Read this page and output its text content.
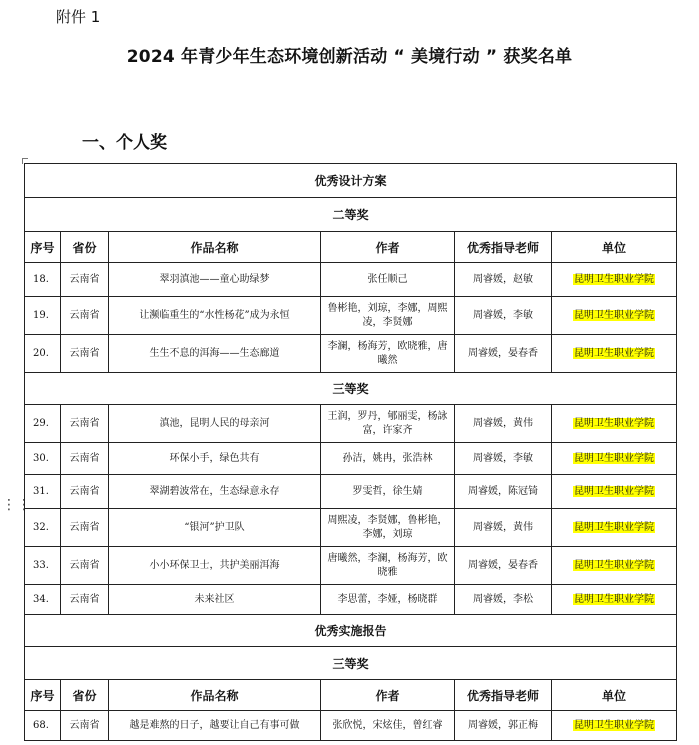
附件 1
2024 年青少年生态环境创新活动 “ 美境行动 ” 获奖名单
一、个人奖
⋮⋮
优秀设计方案					
二等奖					
序号	省份	作品名称	作者	优秀指导老师	单位
18.	云南省	翠羽滇池——童心助绿梦	张任顺己	周睿媛，赵敏	昆明卫生职业学院
19.	云南省	让濒临重生的“水性杨花”成为永恒	鲁彬艳，刘琼，李娜，周熙凌，李贤娜	周睿媛，李敏	昆明卫生职业学院
20.	云南省	生生不息的洱海——生态廊道	李澜，杨海芳，欧晓雅，唐曦然	周睿媛，晏春香	昆明卫生职业学院
三等奖					
29.	云南省	滇池，昆明人民的母亲河	王润，罗丹，郇丽雯，杨詠富，许家齐	周睿媛，黄伟	昆明卫生职业学院
30.	云南省	环保小手，绿色共有	孙洁，姚冉，张浩林	周睿媛，李敏	昆明卫生职业学院
31.	云南省	翠湖碧波常在，生态绿意永存	罗雯哲，徐生婧	周睿媛，陈冠锜	昆明卫生职业学院
32.	云南省	“银河”护卫队	周熙凌，李贤娜，鲁彬艳，李娜，刘琼	周睿媛，黄伟	昆明卫生职业学院
33.	云南省	小小环保卫士，共护美丽洱海	唐曦然，李澜，杨海芳，欧晓雅	周睿媛，晏春香	昆明卫生职业学院
34.	云南省	未来社区	李思蕾，李娅，杨晓群	周睿媛，李松	昆明卫生职业学院
优秀实施报告					
三等奖					
序号	省份	作品名称	作者	优秀指导老师	单位
68.	云南省	越是难熬的日子，越要让自己有事可做	张欣悦，宋炫佳，曾红睿	周睿媛，郭正梅	昆明卫生职业学院
